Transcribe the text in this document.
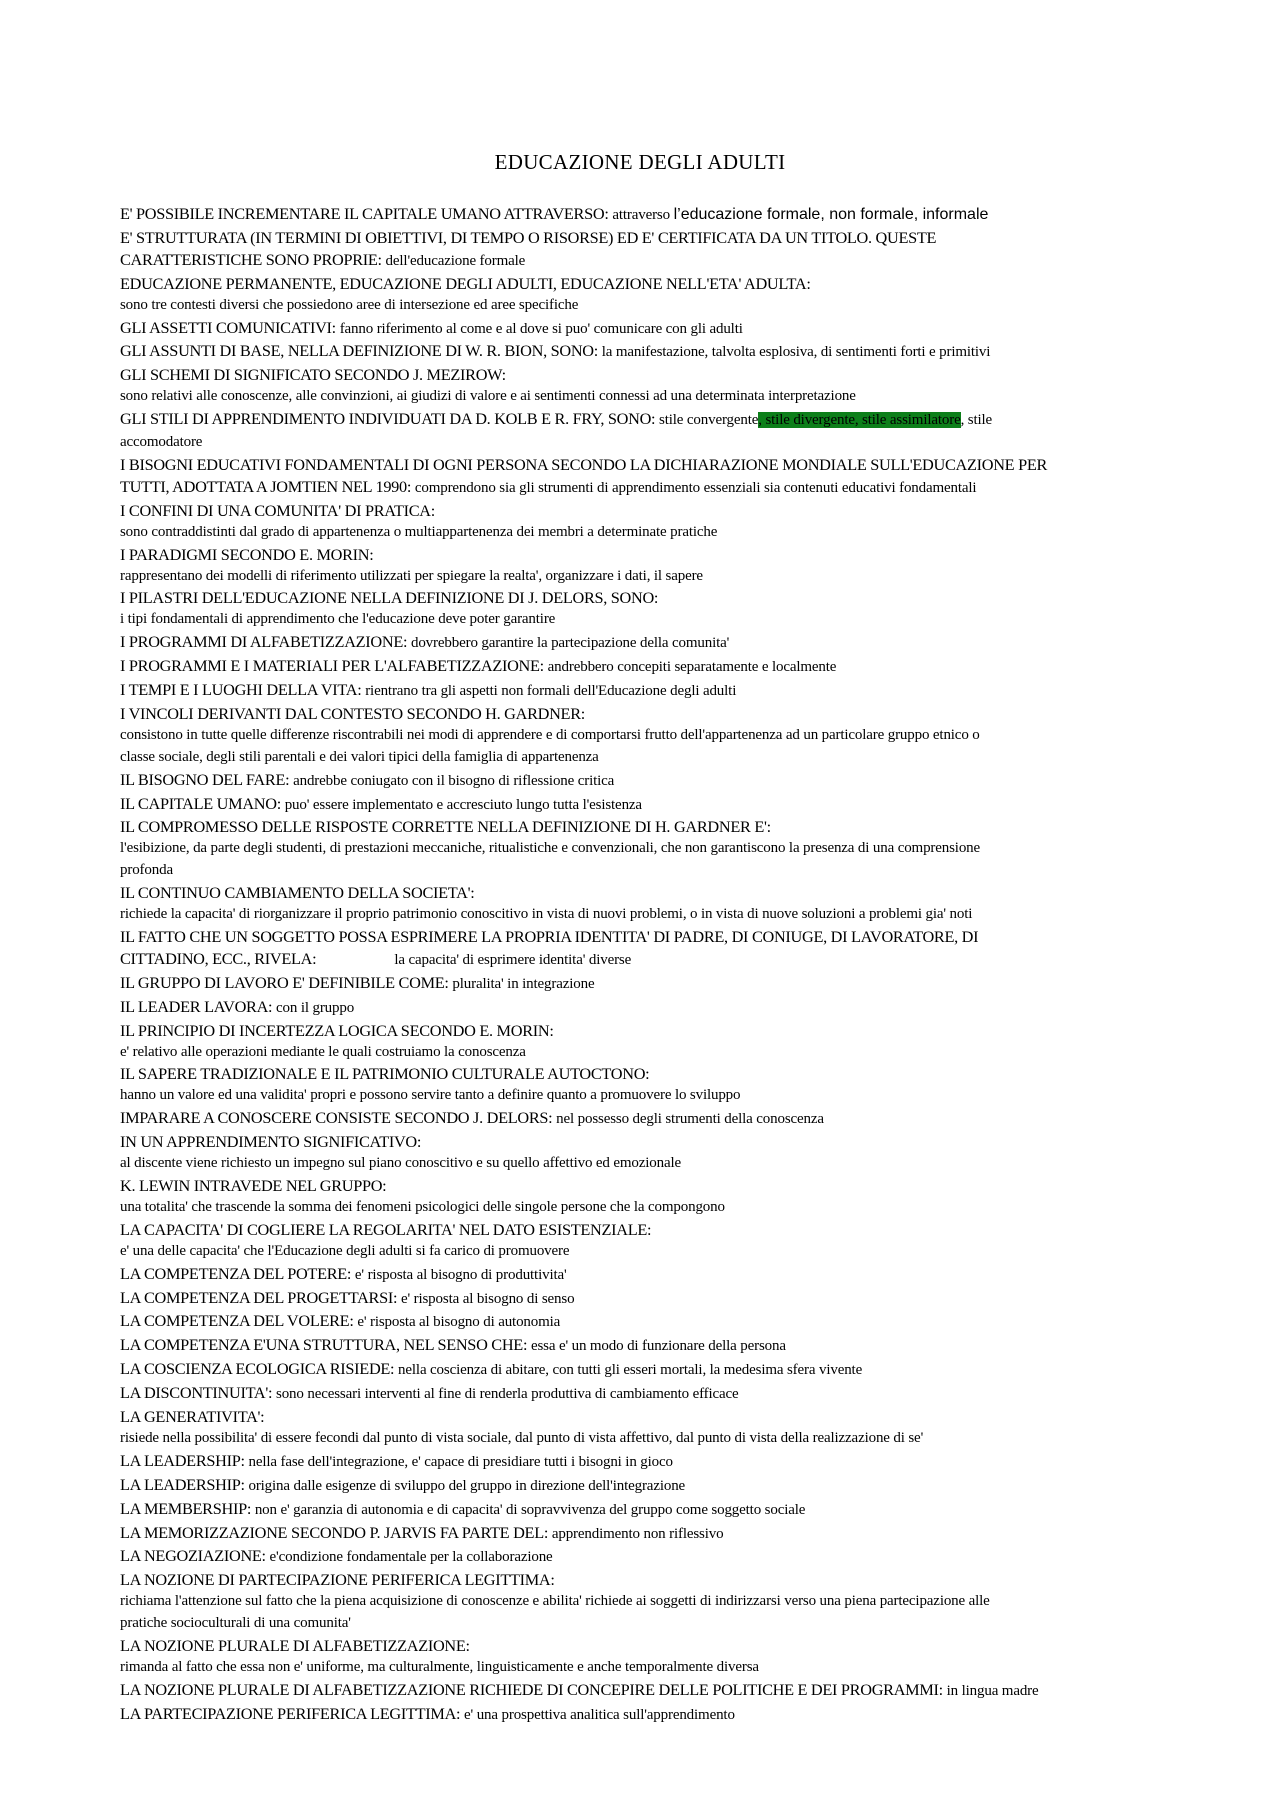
EDUCAZIONE DEGLI ADULTI
E' POSSIBILE INCREMENTARE IL CAPITALE UMANO ATTRAVERSO: attraverso l’educazione formale, non formale, informale
E' STRUTTURATA (IN TERMINI DI OBIETTIVI, DI TEMPO O RISORSE) ED E' CERTIFICATA DA UN TITOLO. QUESTE
CARATTERISTICHE SONO PROPRIE: dell'educazione formale
EDUCAZIONE PERMANENTE, EDUCAZIONE DEGLI ADULTI, EDUCAZIONE NELL'ETA' ADULTA:
sono tre contesti diversi che possiedono aree di intersezione ed aree specifiche
GLI ASSETTI COMUNICATIVI: fanno riferimento al come e al dove si puo' comunicare con gli adulti
GLI ASSUNTI DI BASE, NELLA DEFINIZIONE DI W. R. BION, SONO: la manifestazione, talvolta esplosiva, di sentimenti forti e primitivi
GLI SCHEMI DI SIGNIFICATO SECONDO J. MEZIROW:
sono relativi alle conoscenze, alle convinzioni, ai giudizi di valore e ai sentimenti connessi ad una determinata interpretazione
GLI STILI DI APPRENDIMENTO INDIVIDUATI DA D. KOLB E R. FRY, SONO: stile convergente, stile divergente, stile assimilatore, stile
accomodatore
I BISOGNI EDUCATIVI FONDAMENTALI DI OGNI PERSONA SECONDO LA DICHIARAZIONE MONDIALE SULL'EDUCAZIONE PER
TUTTI, ADOTTATA A JOMTIEN NEL 1990: comprendono sia gli strumenti di apprendimento essenziali sia contenuti educativi fondamentali
I CONFINI DI UNA COMUNITA' DI PRATICA:
sono contraddistinti dal grado di appartenenza o multiappartenenza dei membri a determinate pratiche
I PARADIGMI SECONDO E. MORIN:
rappresentano dei modelli di riferimento utilizzati per spiegare la realta', organizzare i dati, il sapere
I PILASTRI DELL'EDUCAZIONE NELLA DEFINIZIONE DI J. DELORS, SONO:
i tipi fondamentali di apprendimento che l'educazione deve poter garantire
I PROGRAMMI DI ALFABETIZZAZIONE: dovrebbero garantire la partecipazione della comunita'
I PROGRAMMI E I MATERIALI PER L'ALFABETIZZAZIONE: andrebbero concepiti separatamente e localmente
I TEMPI E I LUOGHI DELLA VITA: rientrano tra gli aspetti non formali dell'Educazione degli adulti
I VINCOLI DERIVANTI DAL CONTESTO SECONDO H. GARDNER:
consistono in tutte quelle differenze riscontrabili nei modi di apprendere e di comportarsi frutto dell'appartenenza ad un particolare gruppo etnico o
classe sociale, degli stili parentali e dei valori tipici della famiglia di appartenenza
IL BISOGNO DEL FARE: andrebbe coniugato con il bisogno di riflessione critica
IL CAPITALE UMANO: puo' essere implementato e accresciuto lungo tutta l'esistenza
IL COMPROMESSO DELLE RISPOSTE CORRETTE NELLA DEFINIZIONE DI H. GARDNER E':
l'esibizione, da parte degli studenti, di prestazioni meccaniche, ritualistiche e convenzionali, che non garantiscono la presenza di una comprensione
profonda
IL CONTINUO CAMBIAMENTO DELLA SOCIETA':
richiede la capacita' di riorganizzare il proprio patrimonio conoscitivo in vista di nuovi problemi, o in vista di nuove soluzioni a problemi gia' noti
IL FATTO CHE UN SOGGETTO POSSA ESPRIMERE LA PROPRIA IDENTITA' DI PADRE, DI CONIUGE, DI LAVORATORE, DI
CITTADINO, ECC., RIVELA:	la capacita' di esprimere identita' diverse
IL GRUPPO DI LAVORO E' DEFINIBILE COME: pluralita' in integrazione
IL LEADER LAVORA: con il gruppo
IL PRINCIPIO DI INCERTEZZA LOGICA SECONDO E. MORIN:
e' relativo alle operazioni mediante le quali costruiamo la conoscenza
IL SAPERE TRADIZIONALE E IL PATRIMONIO CULTURALE AUTOCTONO:
hanno un valore ed una validita' propri e possono servire tanto a definire quanto a promuovere lo sviluppo
IMPARARE A CONOSCERE CONSISTE SECONDO J. DELORS: nel possesso degli strumenti della conoscenza
IN UN APPRENDIMENTO SIGNIFICATIVO:
al discente viene richiesto un impegno sul piano conoscitivo e su quello affettivo ed emozionale
K. LEWIN INTRAVEDE NEL GRUPPO:
una totalita' che trascende la somma dei fenomeni psicologici delle singole persone che la compongono
LA CAPACITA' DI COGLIERE LA REGOLARITA' NEL DATO ESISTENZIALE:
e' una delle capacita' che l'Educazione degli adulti si fa carico di promuovere
LA COMPETENZA DEL POTERE: e' risposta al bisogno di produttivita'
LA COMPETENZA DEL PROGETTARSI: e' risposta al bisogno di senso
LA COMPETENZA DEL VOLERE: e' risposta al bisogno di autonomia
LA COMPETENZA E'UNA STRUTTURA, NEL SENSO CHE: essa e' un modo di funzionare della persona
LA COSCIENZA ECOLOGICA RISIEDE: nella coscienza di abitare, con tutti gli esseri mortali, la medesima sfera vivente
LA DISCONTINUITA': sono necessari interventi al fine di renderla produttiva di cambiamento efficace
LA GENERATIVITA':
risiede nella possibilita' di essere fecondi dal punto di vista sociale, dal punto di vista affettivo, dal punto di vista della realizzazione di se'
LA LEADERSHIP: nella fase dell'integrazione, e' capace di presidiare tutti i bisogni in gioco
LA LEADERSHIP: origina dalle esigenze di sviluppo del gruppo in direzione dell'integrazione
LA MEMBERSHIP: non e' garanzia di autonomia e di capacita' di sopravvivenza del gruppo come soggetto sociale
LA MEMORIZZAZIONE SECONDO P. JARVIS FA PARTE DEL: apprendimento non riflessivo
LA NEGOZIAZIONE: e'condizione fondamentale per la collaborazione
LA NOZIONE DI PARTECIPAZIONE PERIFERICA LEGITTIMA:
richiama l'attenzione sul fatto che la piena acquisizione di conoscenze e abilita' richiede ai soggetti di indirizzarsi verso una piena partecipazione alle
pratiche socioculturali di una comunita'
LA NOZIONE PLURALE DI ALFABETIZZAZIONE:
rimanda al fatto che essa non e' uniforme, ma culturalmente, linguisticamente e anche temporalmente diversa
LA NOZIONE PLURALE DI ALFABETIZZAZIONE RICHIEDE DI CONCEPIRE DELLE POLITICHE E DEI PROGRAMMI: in lingua madre
LA PARTECIPAZIONE PERIFERICA LEGITTIMA: e' una prospettiva analitica sull'apprendimento
